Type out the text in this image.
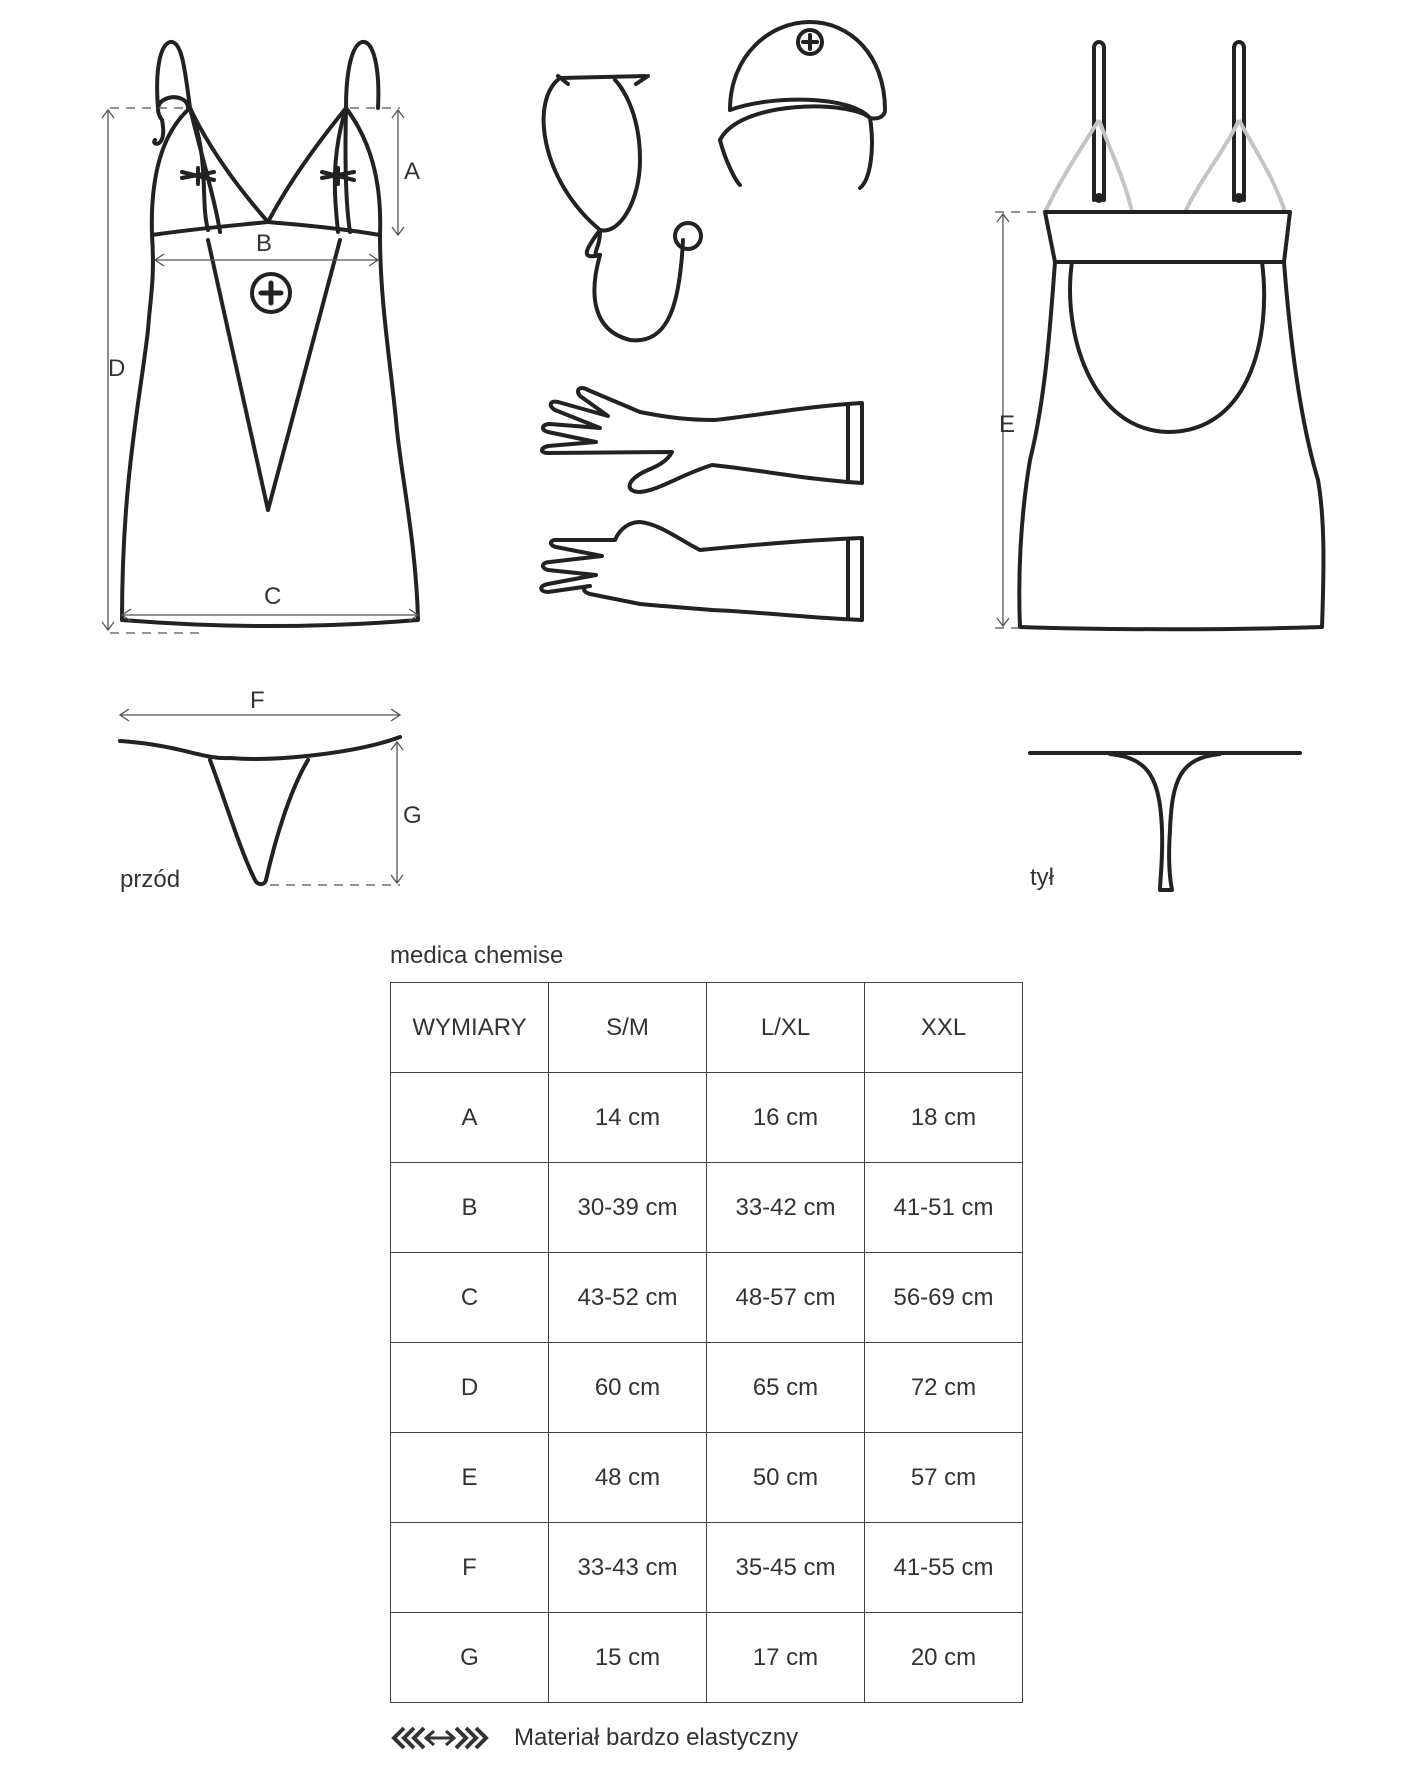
A
B
C
D
E
F
G
przód	tył
medica chemise
WYMIARY	S/M	L/XL	XXL
A	14 cm	16 cm	18 cm
B	30-39 cm	33-42 cm	41-51 cm
C	43-52 cm	48-57 cm	56-69 cm
D	60 cm	65 cm	72 cm
E	48 cm	50 cm	57 cm
F	33-43 cm	35-45 cm	41-55 cm
G	15 cm	17 cm	20 cm
Materiał bardzo elastyczny
